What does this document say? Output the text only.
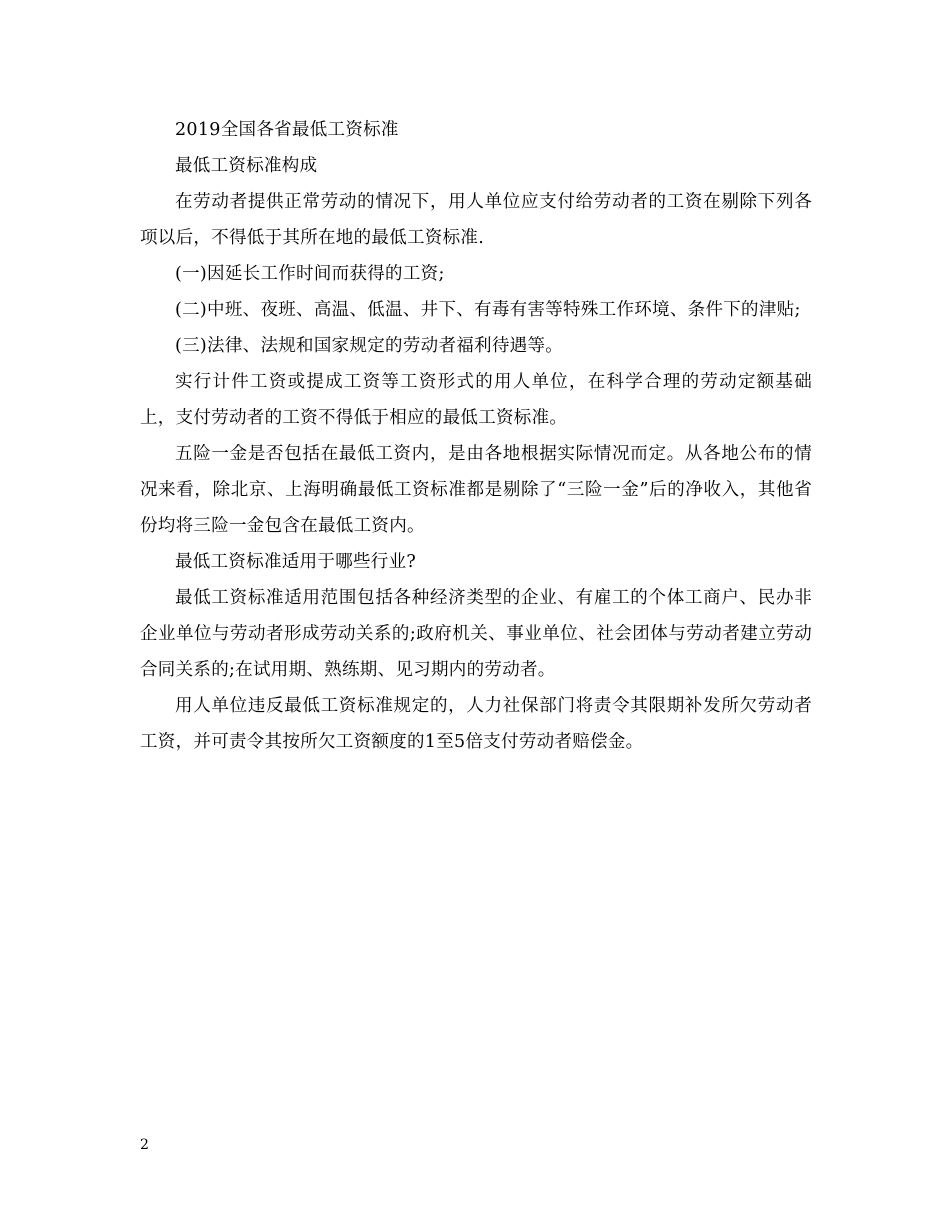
2019全国各省最低工资标准

最低工资标准构成

在劳动者提供正常劳动的情况下，用人单位应支付给劳动者的工资在剔除下列各项以后，不得低于其所在地的最低工资标准.

(一)因延长工作时间而获得的工资;

(二)中班、夜班、高温、低温、井下、有毒有害等特殊工作环境、条件下的津贴;

(三)法律、法规和国家规定的劳动者福利待遇等。

实行计件工资或提成工资等工资形式的用人单位，在科学合理的劳动定额基础上，支付劳动者的工资不得低于相应的最低工资标准。

五险一金是否包括在最低工资内，是由各地根据实际情况而定。从各地公布的情况来看，除北京、上海明确最低工资标准都是剔除了“三险一金”后的净收入，其他省份均将三险一金包含在最低工资内。

最低工资标准适用于哪些行业?

最低工资标准适用范围包括各种经济类型的企业、有雇工的个体工商户、民办非企业单位与劳动者形成劳动关系的;政府机关、事业单位、社会团体与劳动者建立劳动合同关系的;在试用期、熟练期、见习期内的劳动者。

用人单位违反最低工资标准规定的，人力社保部门将责令其限期补发所欠劳动者工资，并可责令其按所欠工资额度的1至5倍支付劳动者赔偿金。

2
